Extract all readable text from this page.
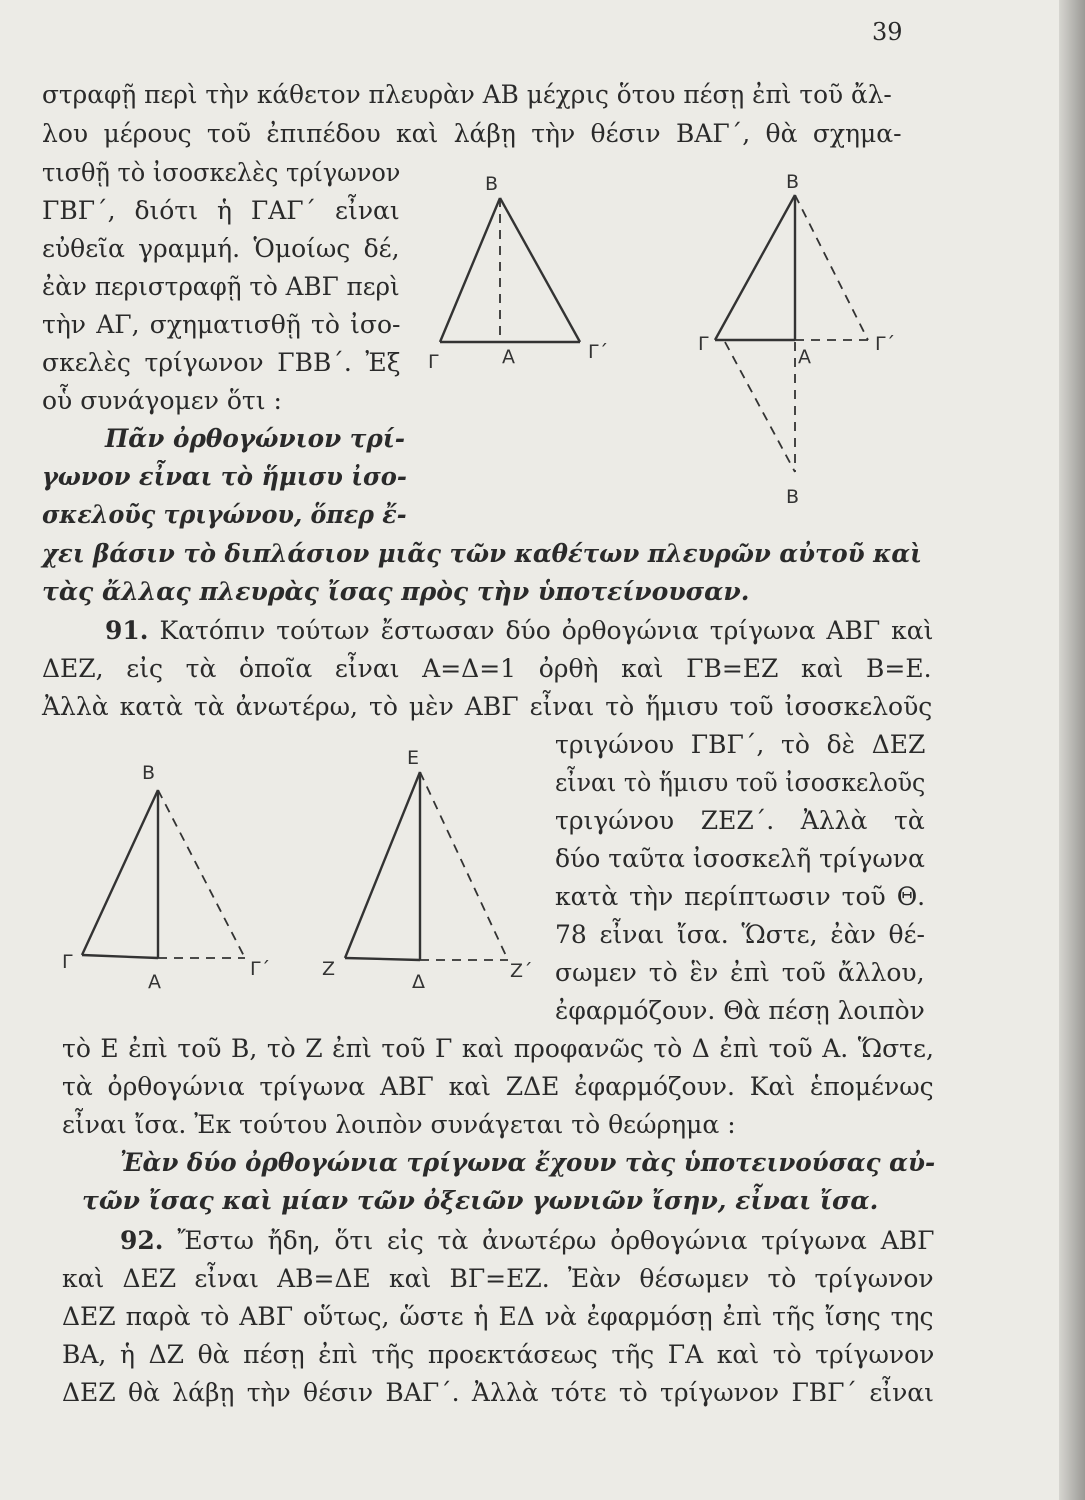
39
στραφῇ περὶ τὴν κάθετον πλευρὰν ΑΒ μέχρις ὅτου πέσῃ ἐπὶ τοῦ ἄλ-
λου μέρους τοῦ ἐπιπέδου καὶ λάβῃ τὴν θέσιν ΒΑΓ΄, θὰ σχημα-
τισθῇ τὸ ἰσοσκελὲς τρίγωνον
ΓΒΓ΄, διότι ἡ ΓΑΓ΄ εἶναι
εὐθεῖα γραμμή. Ὁμοίως δέ,
ἐὰν περιστραφῇ τὸ ΑΒΓ περὶ
τὴν ΑΓ, σχηματισθῇ τὸ ἰσο-
σκελὲς τρίγωνον ΓΒΒ΄. Ἐξ
οὗ συνάγομεν ὅτι :
Πᾶν ὀρθογώνιον τρί-
γωνον εἶναι τὸ ἥμισυ ἰσο-
σκελοῦς τριγώνου, ὅπερ ἔ-
χει βάσιν τὸ διπλάσιον μιᾶς τῶν καθέτων πλευρῶν αὐτοῦ καὶ
τὰς ἄλλας πλευρὰς ἴσας πρὸς τὴν ὑποτείνουσαν.
91. Κατόπιν τούτων ἔστωσαν δύο ὀρθογώνια τρίγωνα ΑΒΓ καὶ
ΔΕΖ, εἰς τὰ ὁποῖα εἶναι Α=Δ=1 ὀρθὴ καὶ ΓΒ=ΕΖ καὶ Β=Ε.
Ἀλλὰ κατὰ τὰ ἀνωτέρω, τὸ μὲν ΑΒΓ εἶναι τὸ ἥμισυ τοῦ ἰσοσκελοῦς
τριγώνου ΓΒΓ΄, τὸ δὲ ΔΕΖ
εἶναι τὸ ἥμισυ τοῦ ἰσοσκελοῦς
τριγώνου ΖΕΖ΄. Ἀλλὰ τὰ
δύο ταῦτα ἰσοσκελῆ τρίγωνα
κατὰ τὴν περίπτωσιν τοῦ Θ.
78 εἶναι ἴσα. Ὥστε, ἐὰν θέ-
σωμεν τὸ ἓν ἐπὶ τοῦ ἄλλου,
ἐφαρμόζουν. Θὰ πέσῃ λοιπὸν
τὸ Ε ἐπὶ τοῦ Β, τὸ Ζ ἐπὶ τοῦ Γ καὶ προφανῶς τὸ Δ ἐπὶ τοῦ Α. Ὥστε,
τὰ ὀρθογώνια τρίγωνα ΑΒΓ καὶ ΖΔΕ ἐφαρμόζουν. Καὶ ἑπομένως
εἶναι ἴσα. Ἐκ τούτου λοιπὸν συνάγεται τὸ θεώρημα :
Ἐὰν δύο ὀρθογώνια τρίγωνα ἔχουν τὰς ὑποτεινούσας αὐ-
τῶν ἴσας καὶ μίαν τῶν ὀξειῶν γωνιῶν ἴσην, εἶναι ἴσα.
92. Ἔστω ἤδη, ὅτι εἰς τὰ ἀνωτέρω ὀρθογώνια τρίγωνα ΑΒΓ
καὶ ΔΕΖ εἶναι ΑΒ=ΔΕ καὶ ΒΓ=ΕΖ. Ἐὰν θέσωμεν τὸ τρίγωνον
ΔΕΖ παρὰ τὸ ΑΒΓ οὕτως, ὥστε ἡ ΕΔ νὰ ἐφαρμόσῃ ἐπὶ τῆς ἴσης της
ΒΑ, ἡ ΔΖ θὰ πέσῃ ἐπὶ τῆς προεκτάσεως τῆς ΓΑ καὶ τὸ τρίγωνον
ΔΕΖ θὰ λάβῃ τὴν θέσιν ΒΑΓ΄. Ἀλλὰ τότε τὸ τρίγωνον ΓΒΓ΄ εἶναι
Β
Γ	Α	Γ΄
Β
Γ
Α
Γ΄
Β
Β
Γ
Α
Γ΄
Ε
Ζ
Δ	Ζ΄
